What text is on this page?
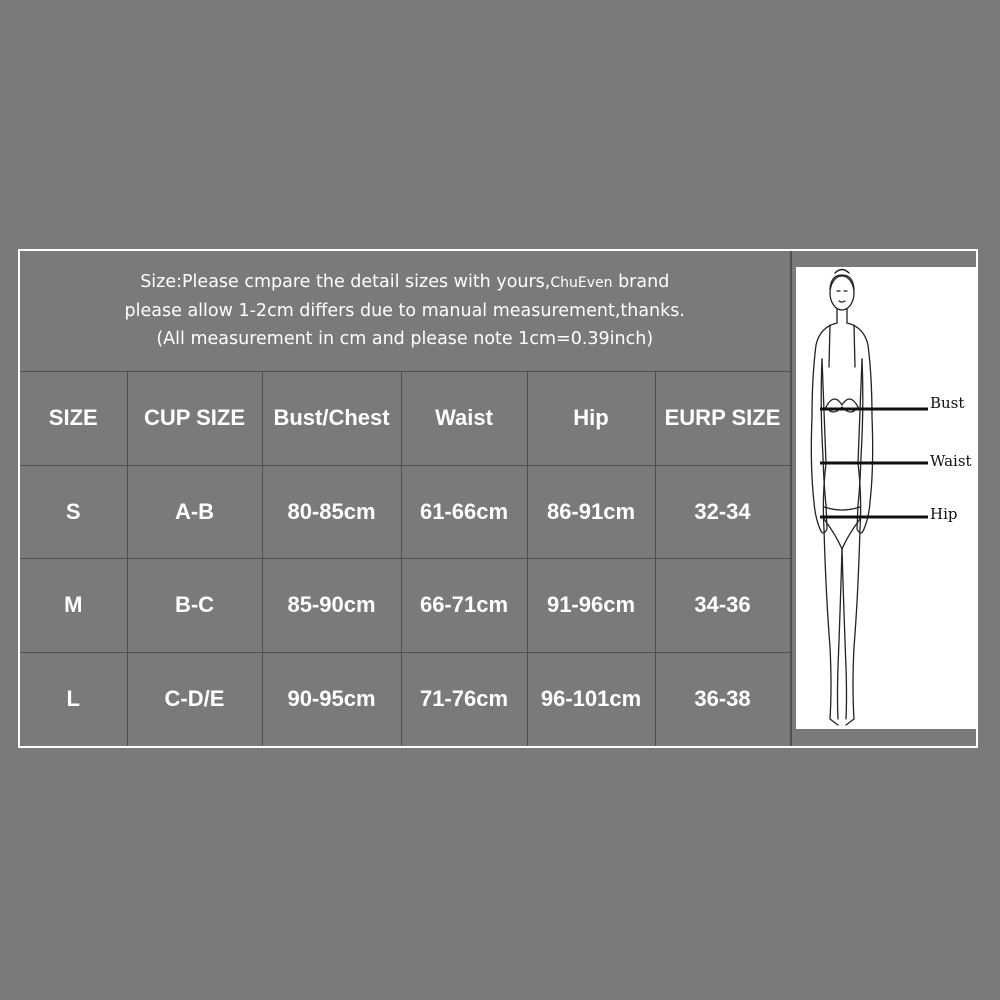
Size:Please cmpare the detail sizes with yours,ChuEven brand
please allow 1-2cm differs due to manual measurement,thanks.
(All measurement in cm and please note 1cm=0.39inch)					

SIZE	CUP SIZE	Bust/Chest	Waist	Hip	EURP SIZE
S	A-B	80-85cm	61-66cm	86-91cm	32-34
M	B-C	85-90cm	66-71cm	91-96cm	34-36
L	C-D/E	90-95cm	71-76cm	96-101cm	36-38
Bust
Waist
Hip
